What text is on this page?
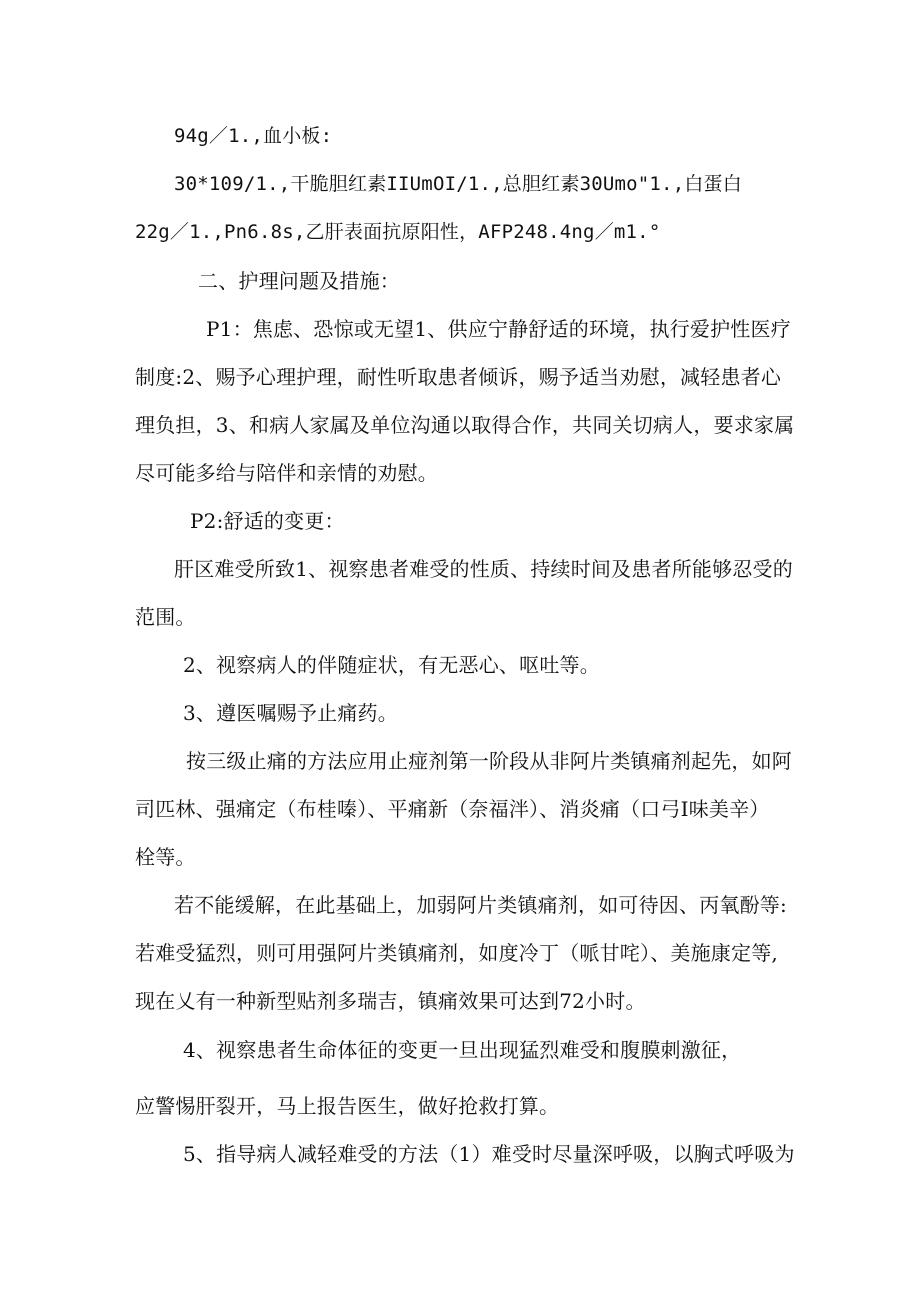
94g／1.,血小板:
30*109/1.,干脆胆红素IIUmOI/1.,总胆红素30Umo"1.,白蛋白
22g／1.,Pn6.8s,乙肝表面抗原阳性，AFP248.4ng／m1.°
二、护理问题及措施：
P1：焦虑、恐惊或无望1、供应宁静舒适的环境，执行爱护性医疗
制度:2、赐予心理护理，耐性听取患者倾诉，赐予适当劝慰，减轻患者心
理负担，3、和病人家属及单位沟通以取得合作，共同关切病人，要求家属
尽可能多给与陪伴和亲情的劝慰。
P2:舒适的变更：
肝区难受所致1、视察患者难受的性质、持续时间及患者所能够忍受的
范围。
2、视察病人的伴随症状，有无恶心、呕吐等。
3、遵医嘱赐予止痛药。
按三级止痛的方法应用止痖剂第一阶段从非阿片类镇痛剂起先，如阿
司匹林、强痛定（布桂嗪）、平痛新（奈福泮）、消炎痛（口弓I味美辛）
栓等。
若不能缓解，在此基础上，加弱阿片类镇痛剂，如可待因、丙氧酚等:
若难受猛烈，则可用强阿片类镇痛剂，如度冷丁（哌甘咤）、美施康定等,
现在乂有一种新型贴剂多瑞吉，镇痛效果可达到72小时。
4、视察患者生命体征的变更一旦出现猛烈难受和腹膜刺激征，
应警惕肝裂开，马上报告医生，做好抢救打算。
5、指导病人减轻难受的方法（1）难受时尽量深呼吸，以胸式呼吸为
